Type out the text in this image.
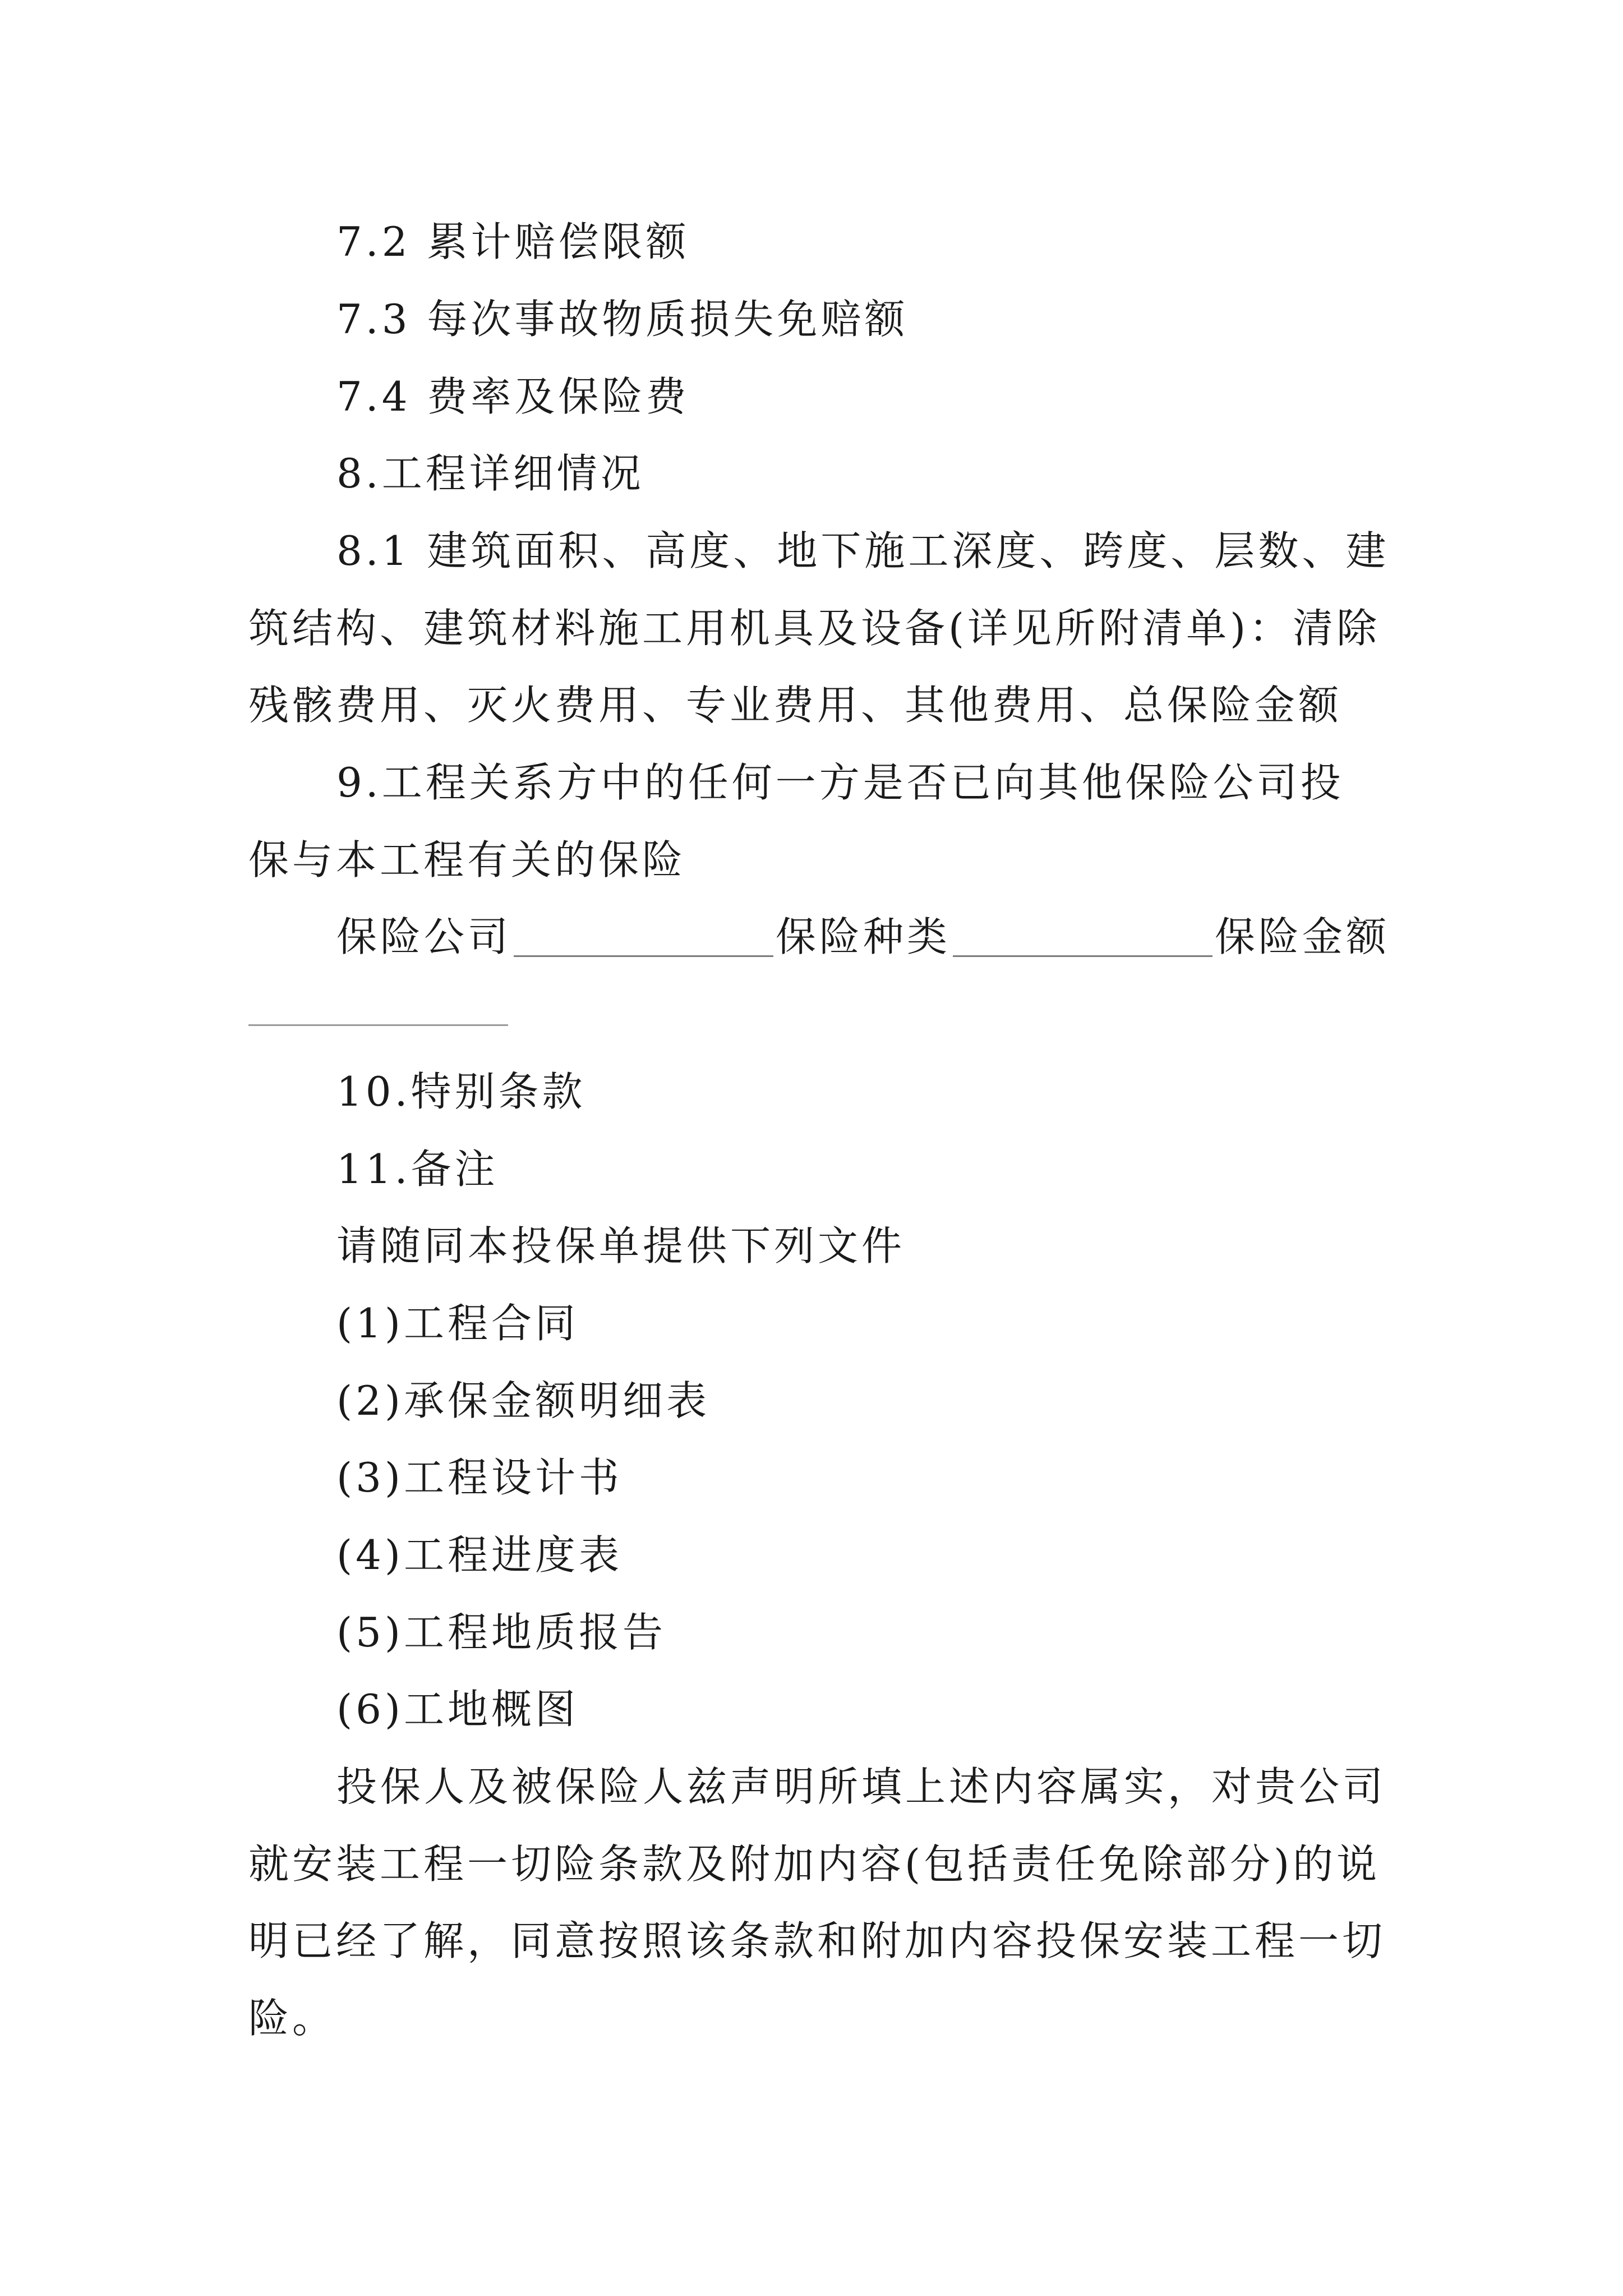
7.2 累计赔偿限额
7.3 每次事故物质损失免赔额
7.4 费率及保险费
8.工程详细情况
8.1 建筑面积、高度、地下施工深度、跨度、层数、建
筑结构、建筑材料施工用机具及设备(详见所附清单)：清除
残骸费用、灭火费用、专业费用、其他费用、总保险金额
9.工程关系方中的任何一方是否已向其他保险公司投
保与本工程有关的保险
保险公司	保险种类	保险金额
10.特别条款
11.备注
请随同本投保单提供下列文件
(1)工程合同
(2)承保金额明细表
(3)工程设计书
(4)工程进度表
(5)工程地质报告
(6)工地概图
投保人及被保险人兹声明所填上述内容属实，对贵公司
就安装工程一切险条款及附加内容(包括责任免除部分)的说
明已经了解，同意按照该条款和附加内容投保安装工程一切
险。
